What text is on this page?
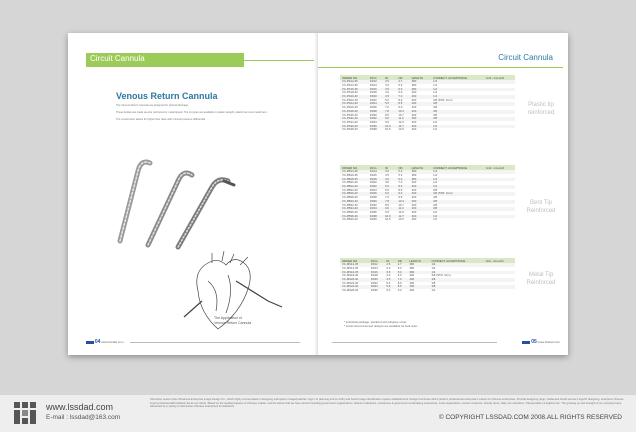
Circuit Cannula
Venous Return Cannula

The Venous Return Cannula are designed for optimal drainage.

These bodies are made as wire reinforced or metal tipped. The tip types are available in plastic straight, plastic bent and metal bent.

The construction allows for higher flow rates with minimal pressure differential.

The Application of
Venous Return Cannula
04 www.lssdad.com
Circuit Cannula
ORDER NO.	FR.G	ID	OD	LENGTH	CONNECT. ACCEPTANCE	Unit : mm,inch
VC-PS12-35	FR12	2.5	4.7	380	1/4	
VC-PS14-35	FR14	3.0	5.3	380	1/4	
VC-PS16-35	FR16	3.5	5.3	380	1/4	
VC-PS18-40	FR18	4.0	6.0	400	1/4	
VC-PS20-40	FR20	4.5	7.0	400	1/4	
VC-PS22-40	FR22	5.0	8.0	400	3/8 (STR. form)	
VC-PS24-40	FR24	5.5	8.5	400	3/8	
VC-PS26-40	FR26	7.0	9.0	400	3/8	
VC-PS28-40	FR28	7.8	10.3	400	3/8	
VC-PS30-40	FR30	8.5	10.7	400	3/8	
VC-PS32-40	FR32	9.0	11.0	400	3/8	
VC-PS34-40	FR34	9.5	12.0	400	1/2	
VC-PS36-40	FR36	10.0	12.7	400	1/2	
VC-PS38-40	FR38	10.5	13.5	400	1/2	
Plastic tip
reinforced
ORDER NO.	FR.G	ID	OD	LENGTH	CONNECT. ACCEPTANCE	Unit : mm,inch
VC-PB14-35	FR14	3.0	5.3	380	1/4	
VC-PB16-35	FR16	3.5	5.3	380	1/4	
VC-PB18-35	FR18	4.0	6.0	380	1/4	
VC-PB20-40	FR20	4.5	7.0	400	1/4	
VC-PB22-40	FR22	5.0	8.0	400	1/4	
VC-PB24-40	FR24	5.5	8.5	400	3/8	
VC-PB26-40	FR26	6.0	9.0	400	3/8 (STR. form)	
VC-PB28-40	FR28	7.0	9.5	400	3/8	
VC-PB30-40	FR30	7.8	10.3	400	3/8	
VC-PB32-40	FR32	8.5	10.7	400	3/8	
VC-PB34-40	FR34	9.0	11.0	400	3/8	
VC-PB36-40	FR36	9.5	12.0	400	1/2	
VC-PB38-40	FR38	10.0	12.7	400	1/2	
VC-PB40-40	FR40	10.5	13.5	400	1/2	
Bent Tip
Reinforced
ORDER NO.	FR.G	ID	OD	LENGTH	CONNECT. ACCEPTANCE	Unit : mm,inch
VC-MS12-35	FR12	2.5	4.7	380	1/4	
VC-MS14-35	FR14	3.0	5.3	380	1/4	
VC-MS16-35	FR16	3.5	5.3	380	1/4	
VC-MS18-40	FR18	4.0	6.0	400	3/8 (STR. form)	
VC-MS20-40	FR20	4.5	7.0	400	3/8	
VC-MS22-40	FR22	5.0	8.0	400	3/8	
VC-MS24-40	FR24	5.5	8.5	400	3/8	
VC-MS26-40	FR26	6.0	9.0	400	1/2	
Metal Tip
Reinforced
* Individual package, sterilized with ethylene oxide
* Customized sizes and designs are available for bulk order
05 www.lssdad.com
www.lssdad.com
E-mail : lssdad@163.com
Shenzhen Lesson Hitun Business Enterprise Image Design Co., which highly concentrated in designing enterprise's image(material / logo / VI planning and so forth) and brand image identification system establishment. Design brochures which perform professional enterprise's culture for Chinese enterprises. Provide designing (logo / trademark brand service's logo/VI designing, enterprise Chinese import professional/foundation list as our client). Based on the leading features of Chinese market, and the clients that we have served including government organizations, finance institutions, enterprises & government undertaking enterprises, mass organization, tourism business, Faculty items, daily use industries, Transportation & logistics etc. The growing up and strength of our company have witnessed by a variety of well-known Chinese enterprises & institutions.
© COPYRIGHT LSSDAD.COM 2008.ALL RIGHTS RESERVED
